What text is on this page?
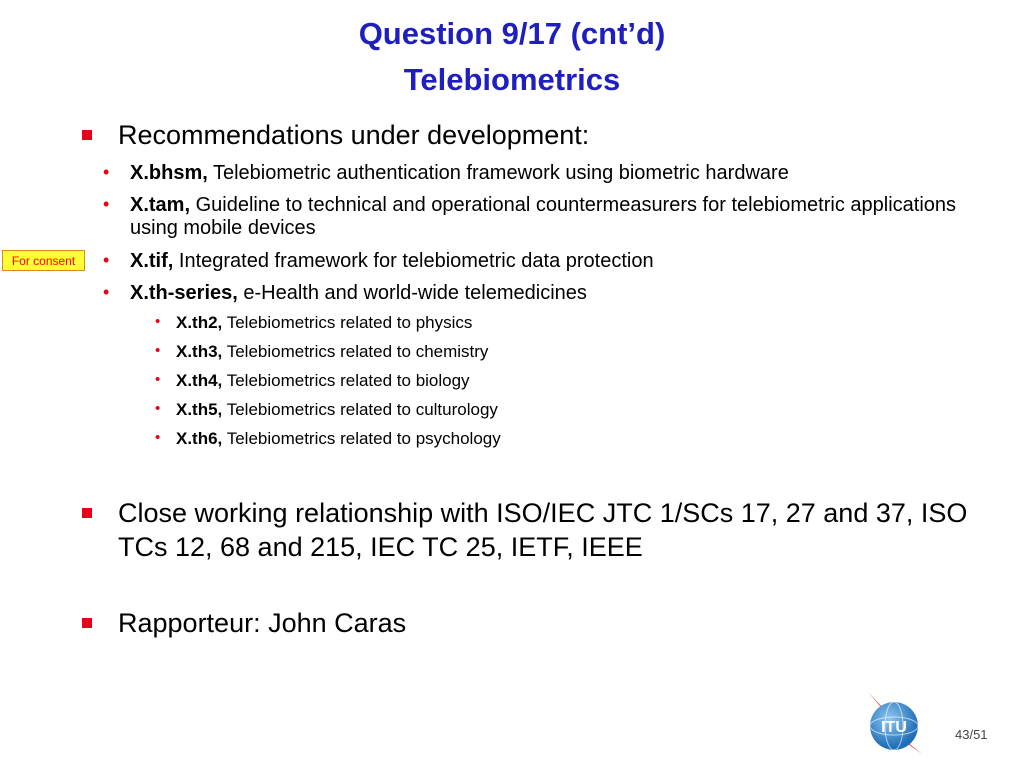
Question 9/17 (cnt’d)
Telebiometrics
Recommendations under development:
• X.bhsm, Telebiometric authentication framework using biometric hardware
• X.tam, Guideline to technical and operational countermeasurers for telebiometric applications using mobile devices
For consent	• X.tif, Integrated framework for telebiometric data protection
• X.th-series, e-Health and world-wide telemedicines
• X.th2, Telebiometrics related to physics
• X.th3, Telebiometrics related to chemistry
• X.th4, Telebiometrics related to biology
• X.th5, Telebiometrics related to culturology
• X.th6, Telebiometrics related to psychology
Close working relationship with ISO/IEC JTC 1/SCs 17, 27 and 37, ISO TCs 12, 68 and 215, IEC TC 25, IETF, IEEE
Rapporteur: John Caras
ITU	43/51
